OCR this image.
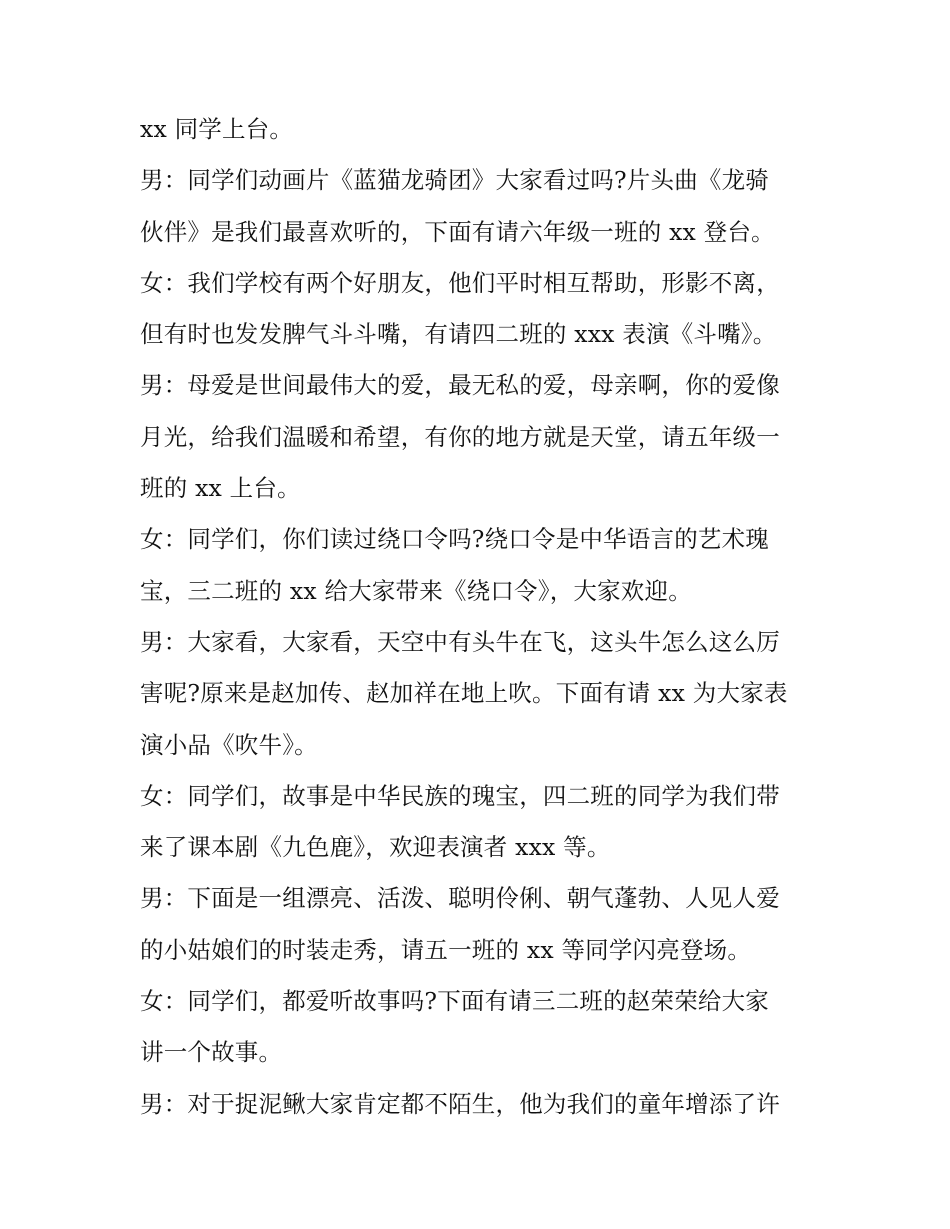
xx 同学上台。
男：同学们动画片《蓝猫龙骑团》大家看过吗?片头曲《龙骑
伙伴》是我们最喜欢听的，下面有请六年级一班的 xx 登台。
女：我们学校有两个好朋友，他们平时相互帮助，形影不离，
但有时也发发脾气斗斗嘴，有请四二班的 xxx 表演《斗嘴》。
男：母爱是世间最伟大的爱，最无私的爱，母亲啊，你的爱像
月光，给我们温暖和希望，有你的地方就是天堂，请五年级一
班的 xx 上台。
女：同学们，你们读过绕口令吗?绕口令是中华语言的艺术瑰
宝，三二班的 xx 给大家带来《绕口令》，大家欢迎。
男：大家看，大家看，天空中有头牛在飞，这头牛怎么这么厉
害呢?原来是赵加传、赵加祥在地上吹。下面有请 xx 为大家表
演小品《吹牛》。
女：同学们，故事是中华民族的瑰宝，四二班的同学为我们带
来了课本剧《九色鹿》，欢迎表演者 xxx 等。
男：下面是一组漂亮、活泼、聪明伶俐、朝气蓬勃、人见人爱
的小姑娘们的时装走秀，请五一班的 xx 等同学闪亮登场。
女：同学们，都爱听故事吗?下面有请三二班的赵荣荣给大家
讲一个故事。
男：对于捉泥鳅大家肯定都不陌生，他为我们的童年增添了许
